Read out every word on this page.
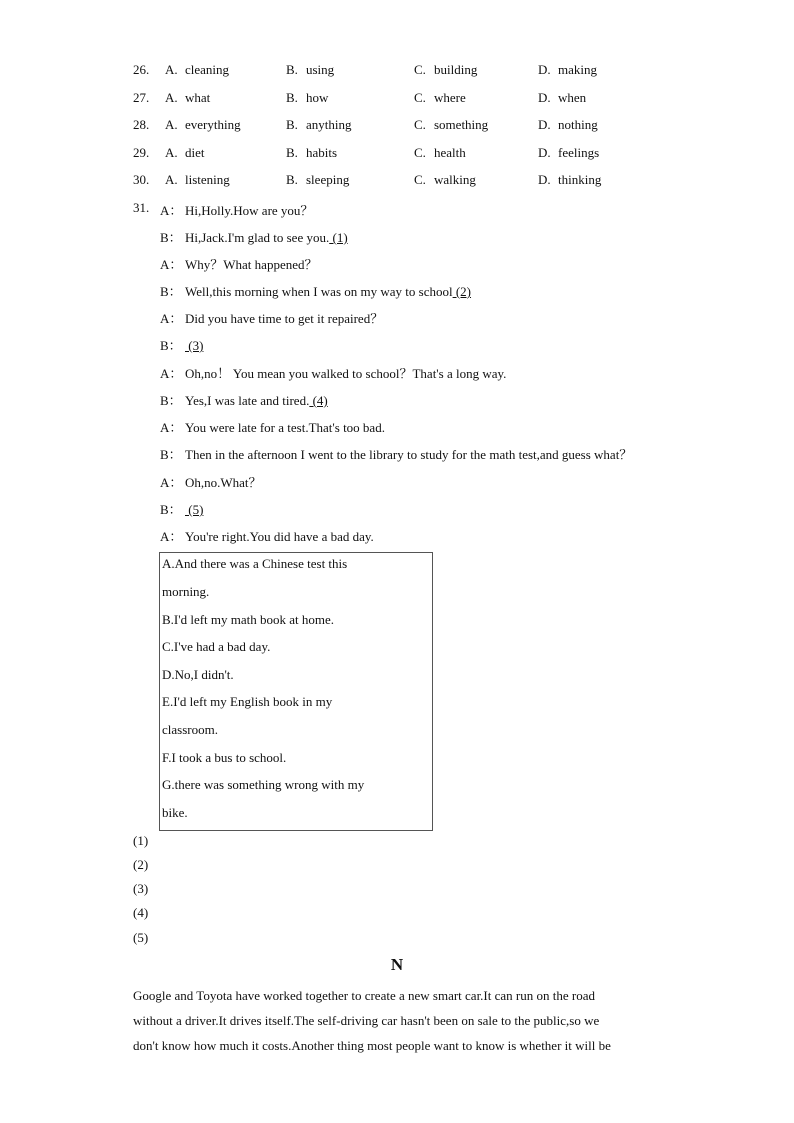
26. A. cleaning	B. using	C. building	D. making
27. A. what	B. how	C. where	D. when
28. A. everything	B. anything	C. something	D. nothing
29. A. diet	B. habits	C. health	D. feelings
30. A. listening	B. sleeping	C. walking	D. thinking
31. A： Hi,Holly.How are you？
B： Hi,Jack.I'm glad to see you. (1)
A： Why？What happened？
B： Well,this morning when I was on my way to school (2)
A： Did you have time to get it repaired？
B： (3)
A： Oh,no！ You mean you walked to school？That's a long way.
B： Yes,I was late and tired. (4)
A： You were late for a test.That's too bad.
B： Then in the afternoon I went to the library to study for the math test,and guess what？
A： Oh,no.What？
B： (5)
A： You're right.You did have a bad day.
A.And there was a Chinese test this
morning.
B.I'd left my math book at home.
C.I've had a bad day.
D.No,I didn't.
E.I'd left my English book in my
classroom.
F.I took a bus to school.
G.there was something wrong with my
bike.
(1)
(2)
(3)
(4)
(5)
N
Google and Toyota have worked together to create a new smart car.It can run on the road
without a driver.It drives itself.The self-driving car hasn't been on sale to the public,so we
don't know how much it costs.Another thing most people want to know is whether it will be
